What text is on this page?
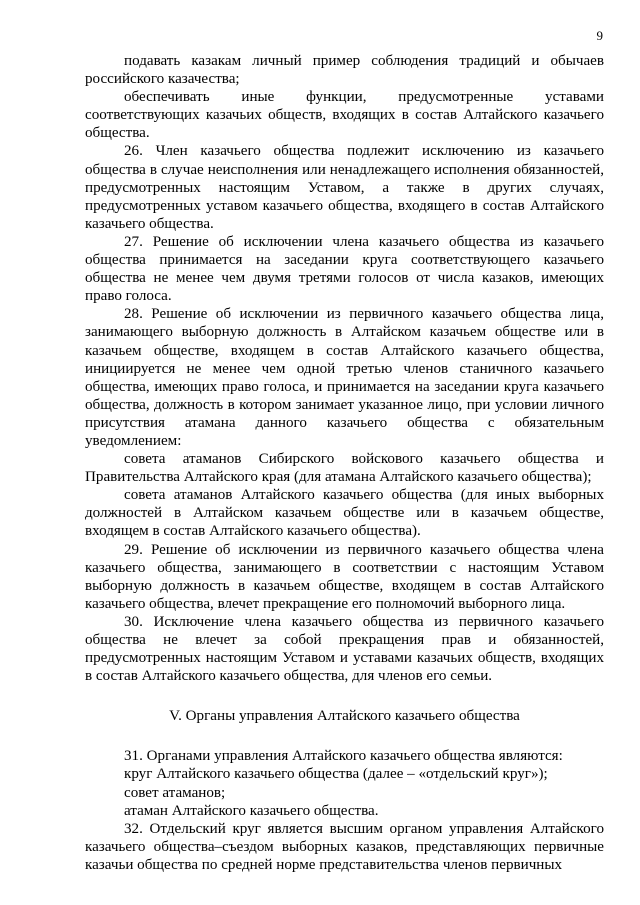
9

подавать казакам личный пример соблюдения традиций и обычаев российского казачества;

обеспечивать иные функции, предусмотренные уставами соответствующих казачьих обществ, входящих в состав Алтайского казачьего общества.

26. Член казачьего общества подлежит исключению из казачьего общества в случае неисполнения или ненадлежащего исполнения обязанностей, предусмотренных настоящим Уставом, а также в других случаях, предусмотренных уставом казачьего общества, входящего в состав Алтайского казачьего общества.

27. Решение об исключении члена казачьего общества из казачьего общества принимается на заседании круга соответствующего казачьего общества не менее чем двумя третями голосов от числа казаков, имеющих право голоса.

28. Решение об исключении из первичного казачьего общества лица, занимающего выборную должность в Алтайском казачьем обществе или в казачьем обществе, входящем в состав Алтайского казачьего общества, инициируется не менее чем одной третью членов станичного казачьего общества, имеющих право голоса, и принимается на заседании круга казачьего общества, должность в котором занимает указанное лицо, при условии личного присутствия атамана данного казачьего общества с обязательным уведомлением:

совета атаманов Сибирского войскового казачьего общества и Правительства Алтайского края (для атамана Алтайского казачьего общества);

совета атаманов Алтайского казачьего общества (для иных выборных должностей в Алтайском казачьем обществе или в казачьем обществе, входящем в состав Алтайского казачьего общества).

29. Решение об исключении из первичного казачьего общества члена казачьего общества, занимающего в соответствии с настоящим Уставом выборную должность в казачьем обществе, входящем в состав Алтайского казачьего общества, влечет прекращение его полномочий выборного лица.

30. Исключение члена казачьего общества из первичного казачьего общества не влечет за собой прекращения прав и обязанностей, предусмотренных настоящим Уставом и уставами казачьих обществ, входящих в состав Алтайского казачьего общества, для членов его семьи.

V. Органы управления Алтайского казачьего общества

31. Органами управления Алтайского казачьего общества являются:

круг Алтайского казачьего общества (далее – «отдельский круг»);

совет атаманов;

атаман Алтайского казачьего общества.

32. Отдельский круг является высшим органом управления Алтайского казачьего общества–съездом выборных казаков, представляющих первичные казачьи общества по средней норме представительства членов первичных
